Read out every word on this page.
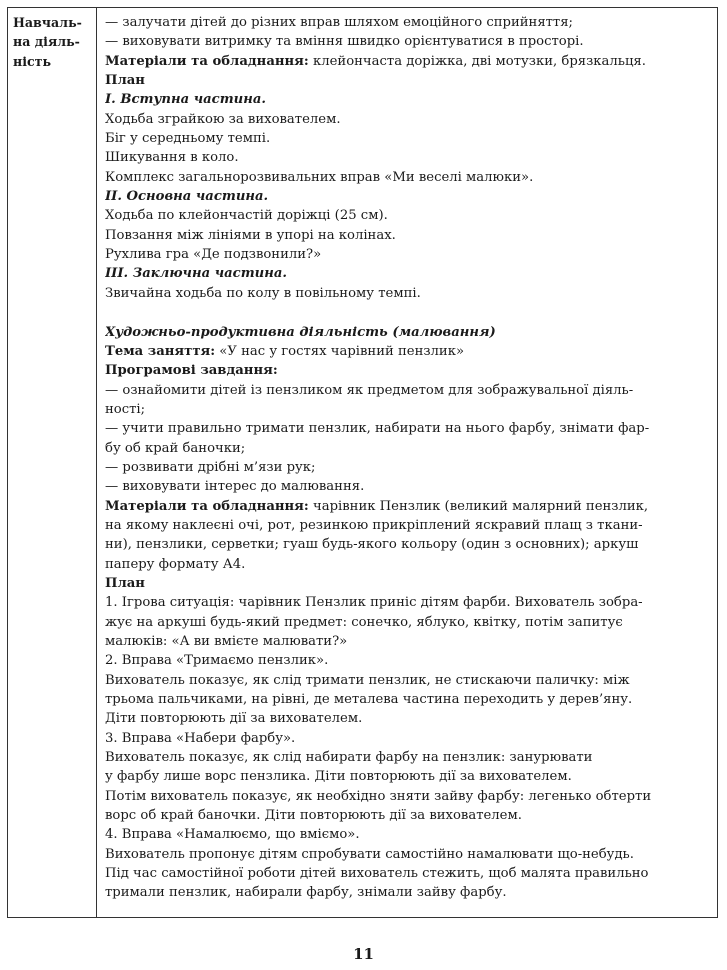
Навчаль-
на діяль-
ність
— залучати дітей до різних вправ шляхом емоційного сприйняття;
— виховувати витримку та вміння швидко орієнтуватися в просторі.
Матеріали та обладнання: клейончаста доріжка, дві мотузки, брязкальця.
План
І. Вступна частина.
Ходьба зграйкою за вихователем.
Біг у середньому темпі.
Шикування в коло.
Комплекс загальнорозвивальних вправ «Ми веселі малюки».
ІІ. Основна частина.
Ходьба по клейончастій доріжці (25 см).
Повзання між лініями в упорі на колінах.
Рухлива гра «Де подзвонили?»
ІІІ. Заключна частина.
Звичайна ходьба по колу в повільному темпі.
Художньо-продуктивна діяльність (малювання)
Тема заняття: «У нас у гостях чарівний пензлик»
Програмові завдання:
— ознайомити дітей із пензликом як предметом для зображувальної діяль-
ності;
— учити правильно тримати пензлик, набирати на нього фарбу, знімати фар-
бу об край баночки;
— розвивати дрібні м’язи рук;
— виховувати інтерес до малювання.
Матеріали та обладнання: чарівник Пензлик (великий малярний пензлик,
на якому наклеєні очі, рот, резинкою прикріплений яскравий плащ з ткани-
ни), пензлики, серветки; гуаш будь-якого кольору (один з основних); аркуш
паперу формату А4.
План
1. Ігрова ситуація: чарівник Пензлик приніс дітям фарби. Вихователь зобра-
жує на аркуші будь-який предмет: сонечко, яблуко, квітку, потім запитує
малюків: «А ви вмієте малювати?»
2. Вправа «Тримаємо пензлик».
Вихователь показує, як слід тримати пензлик, не стискаючи паличку: між
трьома пальчиками, на рівні, де металева частина переходить у дерев’яну.
Діти повторюють дії за вихователем.
3. Вправа «Набери фарбу».
Вихователь показує, як слід набирати фарбу на пензлик: занурювати
у фарбу лише ворс пензлика. Діти повторюють дії за вихователем.
Потім вихователь показує, як необхідно зняти зайву фарбу: легенько обтерти
ворс об край баночки. Діти повторюють дії за вихователем.
4. Вправа «Намалюємо, що вміємо».
Вихователь пропонує дітям спробувати самостійно намалювати що-небудь.
Під час самостійної роботи дітей вихователь стежить, щоб малята правильно
тримали пензлик, набирали фарбу, знімали зайву фарбу.
11
